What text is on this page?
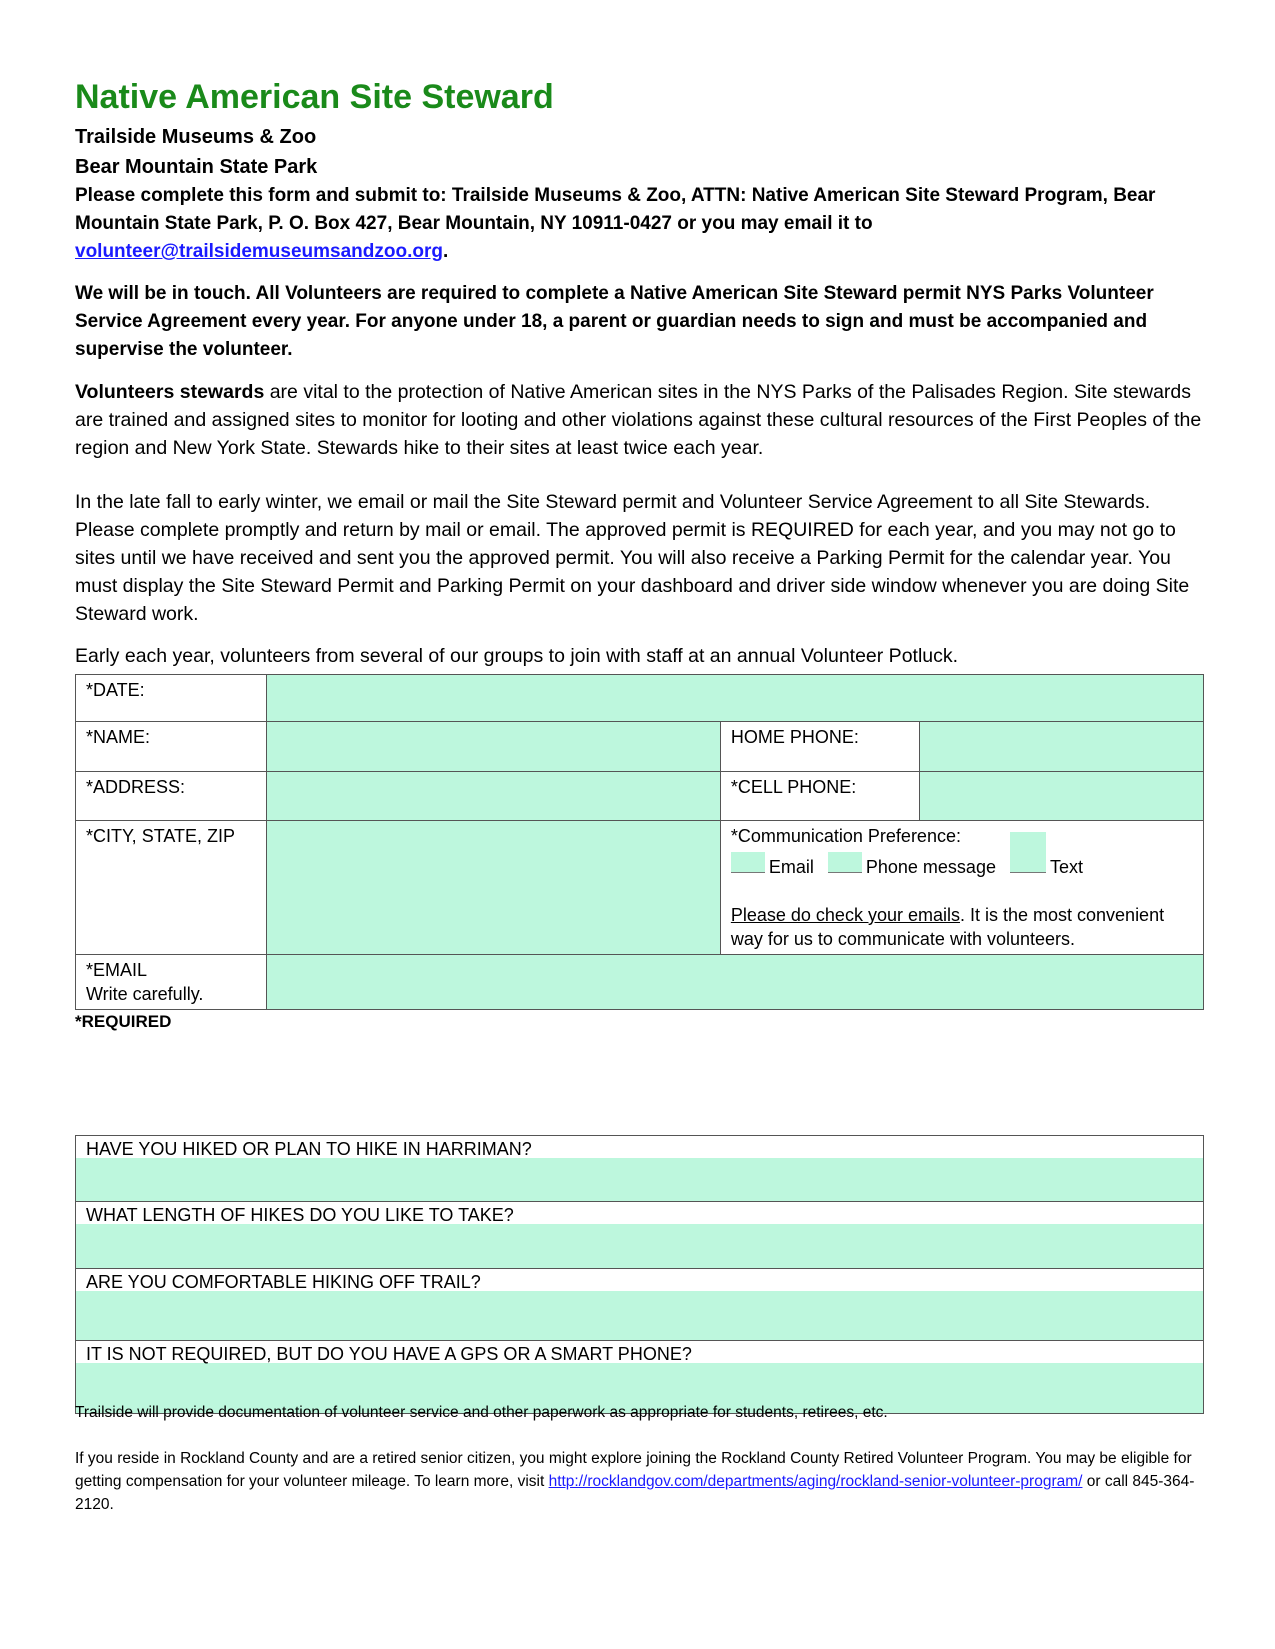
Native American Site Steward
Trailside Museums & Zoo
Bear Mountain State Park
Please complete this form and submit to: Trailside Museums & Zoo, ATTN: Native American Site Steward Program, Bear Mountain State Park, P. O. Box 427, Bear Mountain, NY 10911-0427 or you may email it to volunteer@trailsidemuseumsandzoo.org.
We will be in touch. All Volunteers are required to complete a Native American Site Steward permit NYS Parks Volunteer Service Agreement every year. For anyone under 18, a parent or guardian needs to sign and must be accompanied and supervise the volunteer.
Volunteers stewards are vital to the protection of Native American sites in the NYS Parks of the Palisades Region. Site stewards are trained and assigned sites to monitor for looting and other violations against these cultural resources of the First Peoples of the region and New York State. Stewards hike to their sites at least twice each year.
In the late fall to early winter, we email or mail the Site Steward permit and Volunteer Service Agreement to all Site Stewards. Please complete promptly and return by mail or email. The approved permit is REQUIRED for each year, and you may not go to sites until we have received and sent you the approved permit. You will also receive a Parking Permit for the calendar year. You must display the Site Steward Permit and Parking Permit on your dashboard and driver side window whenever you are doing Site Steward work.
Early each year, volunteers from several of our groups to join with staff at an annual Volunteer Potluck.
*DATE:			
*NAME:		HOME PHONE:	
*ADDRESS:		*CELL PHONE:	
*CITY, STATE, ZIP		*Communication Preference:
Email Phone message Text
Please do check your emails. It is the most convenient way for us to communicate with volunteers.	

*EMAIL
Write carefully.			

*REQUIRED
HAVE YOU HIKED OR PLAN TO HIKE IN HARRIMAN?
WHAT LENGTH OF HIKES DO YOU LIKE TO TAKE?
ARE YOU COMFORTABLE HIKING OFF TRAIL?
IT IS NOT REQUIRED, BUT DO YOU HAVE A GPS OR A SMART PHONE?
Trailside will provide documentation of volunteer service and other paperwork as appropriate for students, retirees, etc.
If you reside in Rockland County and are a retired senior citizen, you might explore joining the Rockland County Retired Volunteer Program. You may be eligible for getting compensation for your volunteer mileage. To learn more, visit http://rocklandgov.com/departments/aging/rockland-senior-volunteer-program/ or call 845-364-2120.
